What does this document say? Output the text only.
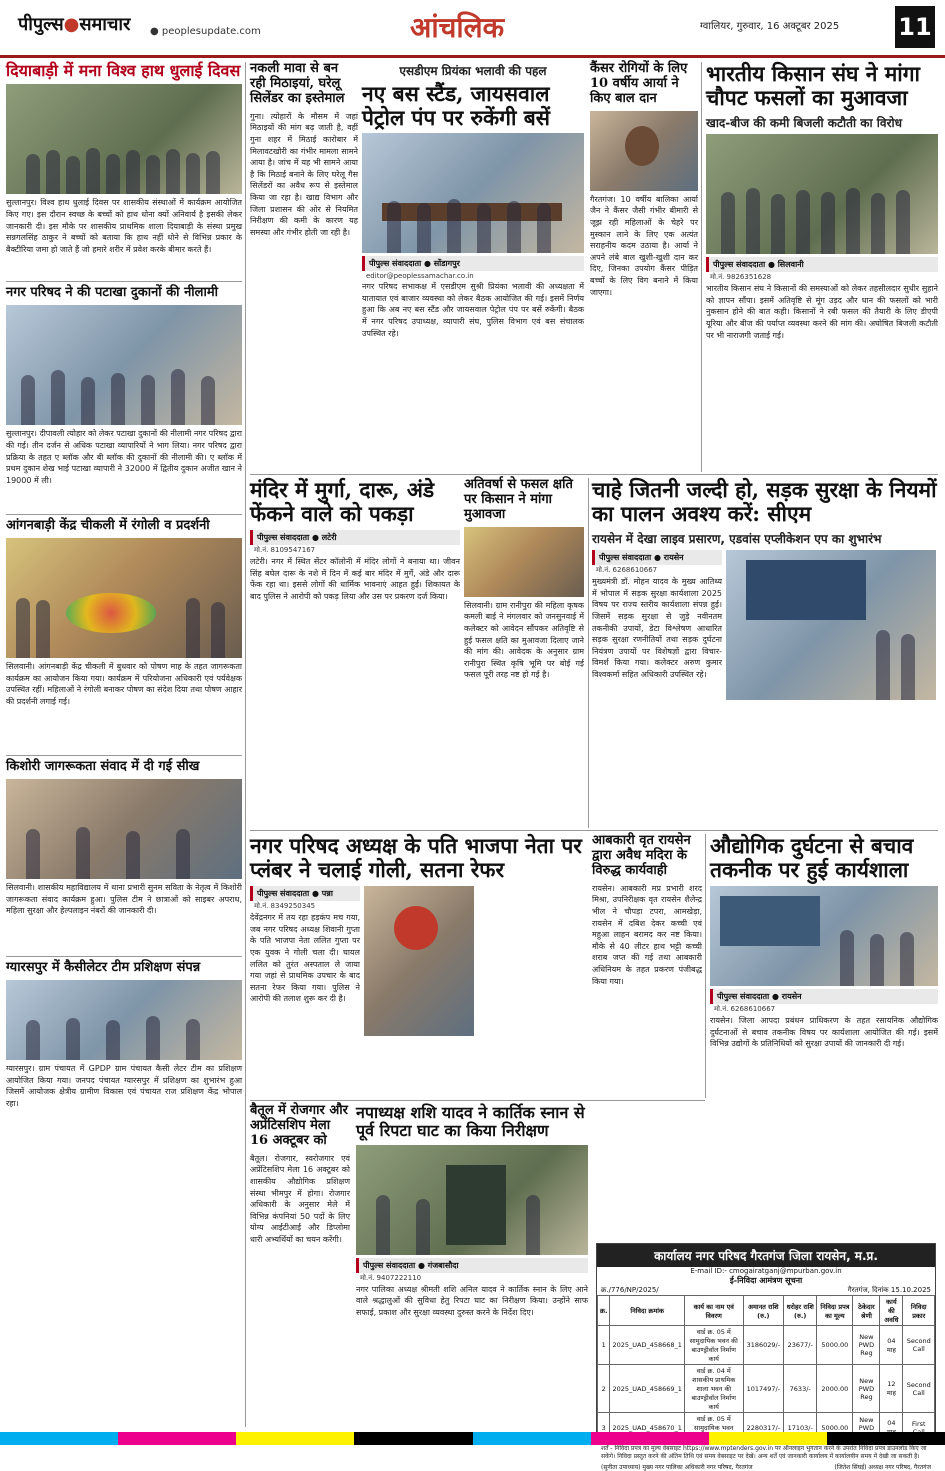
पीपुल्स●समाचार ● peoplesupdate.com	आंचलिक	ग्वालियर, गुरुवार, 16 अक्टूबर 2025 11
दियाबाड़ी में मना विश्व हाथ धुलाई दिवस
सुल्तानपुर। विश्व हाथ धुलाई दिवस पर शासकीय संस्थाओं में कार्यक्रम आयोजित किए गए। इस दौरान स्वच्छ के बच्चों को हाथ धोना क्यों अनिवार्य है इसकी लेकर जानकारी दी। इस मौके पर शासकीय प्राथमिक शाला दियाबाड़ी के संस्था प्रमुख सन्नगलसिंह ठाकुर ने बच्चों को बताया कि हाथ नहीं धोने से विभिन्न प्रकार के बैक्टीरिया जमा हो जाते हैं जो हमारे शरीर में प्रवेश करके बीमार करते हैं।
नगर परिषद ने की पटाखा दुकानों की नीलामी
सुल्तानपुर। दीपावली त्योहार को लेकर पटाखा दुकानों की नीलामी नगर परिषद द्वारा की गई। तीन दर्जन से अधिक पटाखा व्यापारियों ने भाग लिया। नगर परिषद द्वारा प्रक्रिया के तहत ए ब्लॉक और बी ब्लॉक की दुकानों की नीलामी की। ए ब्लॉक में प्रथम दुकान शेख भाई पटाखा व्यापारी ने 32000 में द्वितीय दुकान अजीत खान ने 19000 में ली।
आंगनबाड़ी केंद्र चीकली में रंगोली व प्रदर्शनी
सिलवानी। आंगनबाड़ी केंद्र चीकली में बुधवार को पोषण माह के तहत जागरूकता कार्यक्रम का आयोजन किया गया। कार्यक्रम में परियोजना अधिकारी एवं पर्यवेक्षक उपस्थित रहीं। महिलाओं ने रंगोली बनाकर पोषण का संदेश दिया तथा पोषण आहार की प्रदर्शनी लगाई गई।
किशोरी जागरूकता संवाद में दी गई सीख
सिलवानी। शासकीय महाविद्यालय में थाना प्रभारी सुनम सविता के नेतृत्व में किशोरी जागरूकता संवाद कार्यक्रम हुआ। पुलिस टीम ने छात्राओं को साइबर अपराध, महिला सुरक्षा और हेल्पलाइन नंबरों की जानकारी दी।
ग्यारसपुर में कैसीलेटर टीम प्रशिक्षण संपन्न
ग्यारसपुर। ग्राम पंचायत में GPDP ग्राम पंचायत कैसी लेटर टीम का प्रशिक्षण आयोजित किया गया। जनपद पंचायत ग्यारसपुर में प्रशिक्षण का शुभारंभ हुआ जिसमें आयोजक क्षेत्रीय ग्रामीण विकास एवं पंचायत राज प्रशिक्षण केंद्र भोपाल रहा।
नकली मावा से बन रही मिठाइयां, घरेलू सिलेंडर का इस्तेमाल
गुना। त्योहारों के मौसम में जहां मिठाइयों की मांग बढ़ जाती है, वहीं गुना शहर में मिठाई कारोबार में मिलावटखोरी का गंभीर मामला सामने आया है। जांच में यह भी सामने आया है कि मिठाई बनाने के लिए घरेलू गैस सिलेंडरों का अवैध रूप से इस्तेमाल किया जा रहा है। खाद्य विभाग और जिला प्रशासन की ओर से नियमित निरीक्षण की कमी के कारण यह समस्या और गंभीर होती जा रही है।
एसडीएम प्रियंका भलावी की पहल
नए बस स्टैंड, जायसवाल पेट्रोल पंप पर रुकेंगी बसें
पीपुल्स संवाददाता ● सोंडागपुर
editor@peoplessamachar.co.in
नगर परिषद सभाकक्ष में एसडीएम सुश्री प्रियंका भलावी की अध्यक्षता में यातायात एवं बाजार व्यवस्था को लेकर बैठक आयोजित की गई। इसमें निर्णय हुआ कि अब नए बस स्टैंड और जायसवाल पेट्रोल पंप पर बसें रुकेंगी। बैठक में नगर परिषद उपाध्यक्ष, व्यापारी संघ, पुलिस विभाग एवं बस संचालक उपस्थित रहे।
कैंसर रोगियों के लिए 10 वर्षीय आर्या ने किए बाल दान
गैरतगंज। 10 वर्षीय बालिका आर्या जैन ने कैंसर जैसी गंभीर बीमारी से जूझ रही महिलाओं के चेहरे पर मुस्कान लाने के लिए एक अत्यंत सराहनीय कदम उठाया है। आर्या ने अपने लंबे बाल खुशी-खुशी दान कर दिए, जिनका उपयोग कैंसर पीड़ित बच्चों के लिए विग बनाने में किया जाएगा।
भारतीय किसान संघ ने मांगा चौपट फसलों का मुआवजा
खाद-बीज की कमी बिजली कटौती का विरोध
पीपुल्स संवाददाता ● सिलवानी
मो.नं. 9826351628
भारतीय किसान संघ ने किसानों की समस्याओं को लेकर तहसीलदार सुधीर सुहाने को ज्ञापन सौंपा। इसमें अतिवृष्टि से मूंग उड़द और धान की फसलों को भारी नुकसान होने की बात कही। किसानों ने रबी फसल की तैयारी के लिए डीएपी यूरिया और बीज की पर्याप्त व्यवस्था करने की मांग की। अघोषित बिजली कटौती पर भी नाराजगी जताई गई।
मंदिर में मुर्गा, दारू, अंडे फेंकने वाले को पकड़ा
पीपुल्स संवाददाता ● लटेरी
मो.नं. 8109547167
लटेरी। नगर में स्थित सेंटर कॉलोनी में मंदिर लोगों ने बनाया था। जीवन सिंह बघेल दारू के नशे में दिन में कई बार मंदिर में मुर्गे, अंडे और दारू फेंक रहा था। इससे लोगों की धार्मिक भावनाएं आहत हुईं। शिकायत के बाद पुलिस ने आरोपी को पकड़ लिया और उस पर प्रकरण दर्ज किया।
अतिवर्षा से फसल क्षति पर किसान ने मांगा मुआवजा
सिलवानी। ग्राम रानीपुरा की महिला कृषक कमली बाई ने मंगलवार को जनसुनवाई में कलेक्टर को आवेदन सौंपकर अतिवृष्टि से हुई फसल क्षति का मुआवजा दिलाए जाने की मांग की। आवेदक के अनुसार ग्राम रानीपुरा स्थित कृषि भूमि पर बोई गई फसल पूरी तरह नष्ट हो गई है।
चाहे जितनी जल्दी हो, सड़क सुरक्षा के नियमों का पालन अवश्य करें: सीएम
रायसेन में देखा लाइव प्रसारण, एडवांस एप्लीकेशन एप का शुभारंभ
पीपुल्स संवाददाता ● रायसेन
मो.नं. 6268610667
मुख्यमंत्री डॉ. मोहन यादव के मुख्य आतिथ्य में भोपाल में सड़क सुरक्षा कार्यशाला 2025 विषय पर राज्य स्तरीय कार्यशाला संपन्न हुई। जिसमें सड़क सुरक्षा से जुड़े नवीनतम तकनीकी उपायों, डेटा विश्लेषण आधारित सड़क सुरक्षा रणनीतियों तथा सड़क दुर्घटना नियंत्रण उपायों पर विशेषज्ञों द्वारा विचार-विमर्श किया गया। कलेक्टर अरुण कुमार विश्वकर्मा सहित अधिकारी उपस्थित रहे।
नगर परिषद अध्यक्ष के पति भाजपा नेता पर प्लंबर ने चलाई गोली, सतना रेफर
पीपुल्स संवाददाता ● पन्ना
मो.नं. 8349250345
देवेंद्रनगर में तय रहा हड़कंप मच गया, जब नगर परिषद अध्यक्ष शिवानी गुप्ता के पति भाजपा नेता ललित गुप्ता पर एक युवक ने गोली चला दी। घायल ललित को तुरंत अस्पताल ले जाया गया जहां से प्राथमिक उपचार के बाद सतना रेफर किया गया। पुलिस ने आरोपी की तलाश शुरू कर दी है।
आबकारी वृत रायसेन द्वारा अवैध मदिरा के विरुद्ध कार्यवाही
रायसेन। आबकारी मप्र प्रभारी शरद मिश्रा, उपनिरीक्षक वृत रायसेन शैलेन्द्र भील ने चौपड़ा टपरा, आमखेड़ा, रायसेन में दबिश देकर कच्ची एवं महुआ लाहन बरामद कर नष्ट किया। मौके से 40 लीटर हाथ भट्टी कच्ची शराब जप्त की गई तथा आबकारी अधिनियम के तहत प्रकरण पंजीबद्ध किया गया।
औद्योगिक दुर्घटना से बचाव तकनीक पर हुई कार्यशाला
पीपुल्स संवाददाता ● रायसेन
मो.नं. 6268610667
रायसेन। जिला आपदा प्रबंधन प्राधिकरण के तहत रसायनिक औद्योगिक दुर्घटनाओं से बचाव तकनीक विषय पर कार्यशाला आयोजित की गई। इसमें विभिन्न उद्योगों के प्रतिनिधियों को सुरक्षा उपायों की जानकारी दी गई।
बैतूल में रोजगार और अप्रेंटिसशिप मेला 16 अक्टूबर को
बैतूल। रोजगार, स्वरोजगार एवं अप्रेंटिसशिप मेला 16 अक्टूबर को शासकीय औद्योगिक प्रशिक्षण संस्था भीमपुर में होगा। रोजगार अधिकारी के अनुसार मेले में विभिन्न कंपनियां 50 पदों के लिए योग्य आईटीआई और डिप्लोमा धारी अभ्यर्थियों का चयन करेंगी।
नपाध्यक्ष शशि यादव ने कार्तिक स्नान से पूर्व रिपटा घाट का किया निरीक्षण
पीपुल्स संवाददाता ● गंजबासौदा
मो.नं. 9407222110
नगर पालिका अध्यक्ष श्रीमती शशि अनिल यादव ने कार्तिक स्नान के लिए आने वाले श्रद्धालुओं की सुविधा हेतु रिपटा घाट का निरीक्षण किया। उन्होंने साफ सफाई, प्रकाश और सुरक्षा व्यवस्था दुरुस्त करने के निर्देश दिए।
कार्यालय नगर परिषद गैरतगंज जिला रायसेन, म.प्र.
E-mail ID:- cmogairatganj@mpurban.gov.in
ई-निविदा आमंत्रण सूचना
क्र./776/NP/2025/	गैरतगंज, दिनांक 15.10.2025
क्र.	निविदा क्रमांक	कार्य का नाम एवं विवरण	अमानत राशि (रु.)	धरोहर राशि (रु.)	निविदा प्रपत्र का मूल्य	ठेकेदार श्रेणी	कार्य की अवधि	निविदा प्रकार
1	2025_UAD_458668_1	वार्ड क्र. 05 में सामुदायिक भवन की बाउण्ड्रीवॉल निर्माण कार्य	3186029/-	23677/-	5000.00	New PWD Reg	04 माह	Second Call
2	2025_UAD_458669_1	वार्ड क्र. 04 में शासकीय प्राथमिक शाला भवन की बाउण्ड्रीवॉल निर्माण कार्य	1017497/-	7633/-	2000.00	New PWD Reg	12 माह	Second Call
3	2025_UAD_458670_1	वार्ड क्र. 05 में सामुदायिक भवन	2280317/-	17103/-	5000.00	New PWD	04	First
शर्तें - निविदा प्रपत्र का मूल्य वेबसाइट https://www.mptenders.gov.in पर ऑनलाइन भुगतान करने के उपरांत निविदा प्रपत्र डाउनलोड किए जा सकेंगे। निविदा प्रस्तुत करने की अंतिम तिथि एवं समय वेबसाइट पर देखें। अन्य शर्तें एवं जानकारी कार्यालय में कार्यालयीन समय में देखी जा सकती है।
(सुनीता उपाध्याय) मुख्य नगर पालिका अधिकारी नगर परिषद, गैरतगंज	(जितेश सिंघई) अध्यक्ष नगर परिषद, गैरतगंज
